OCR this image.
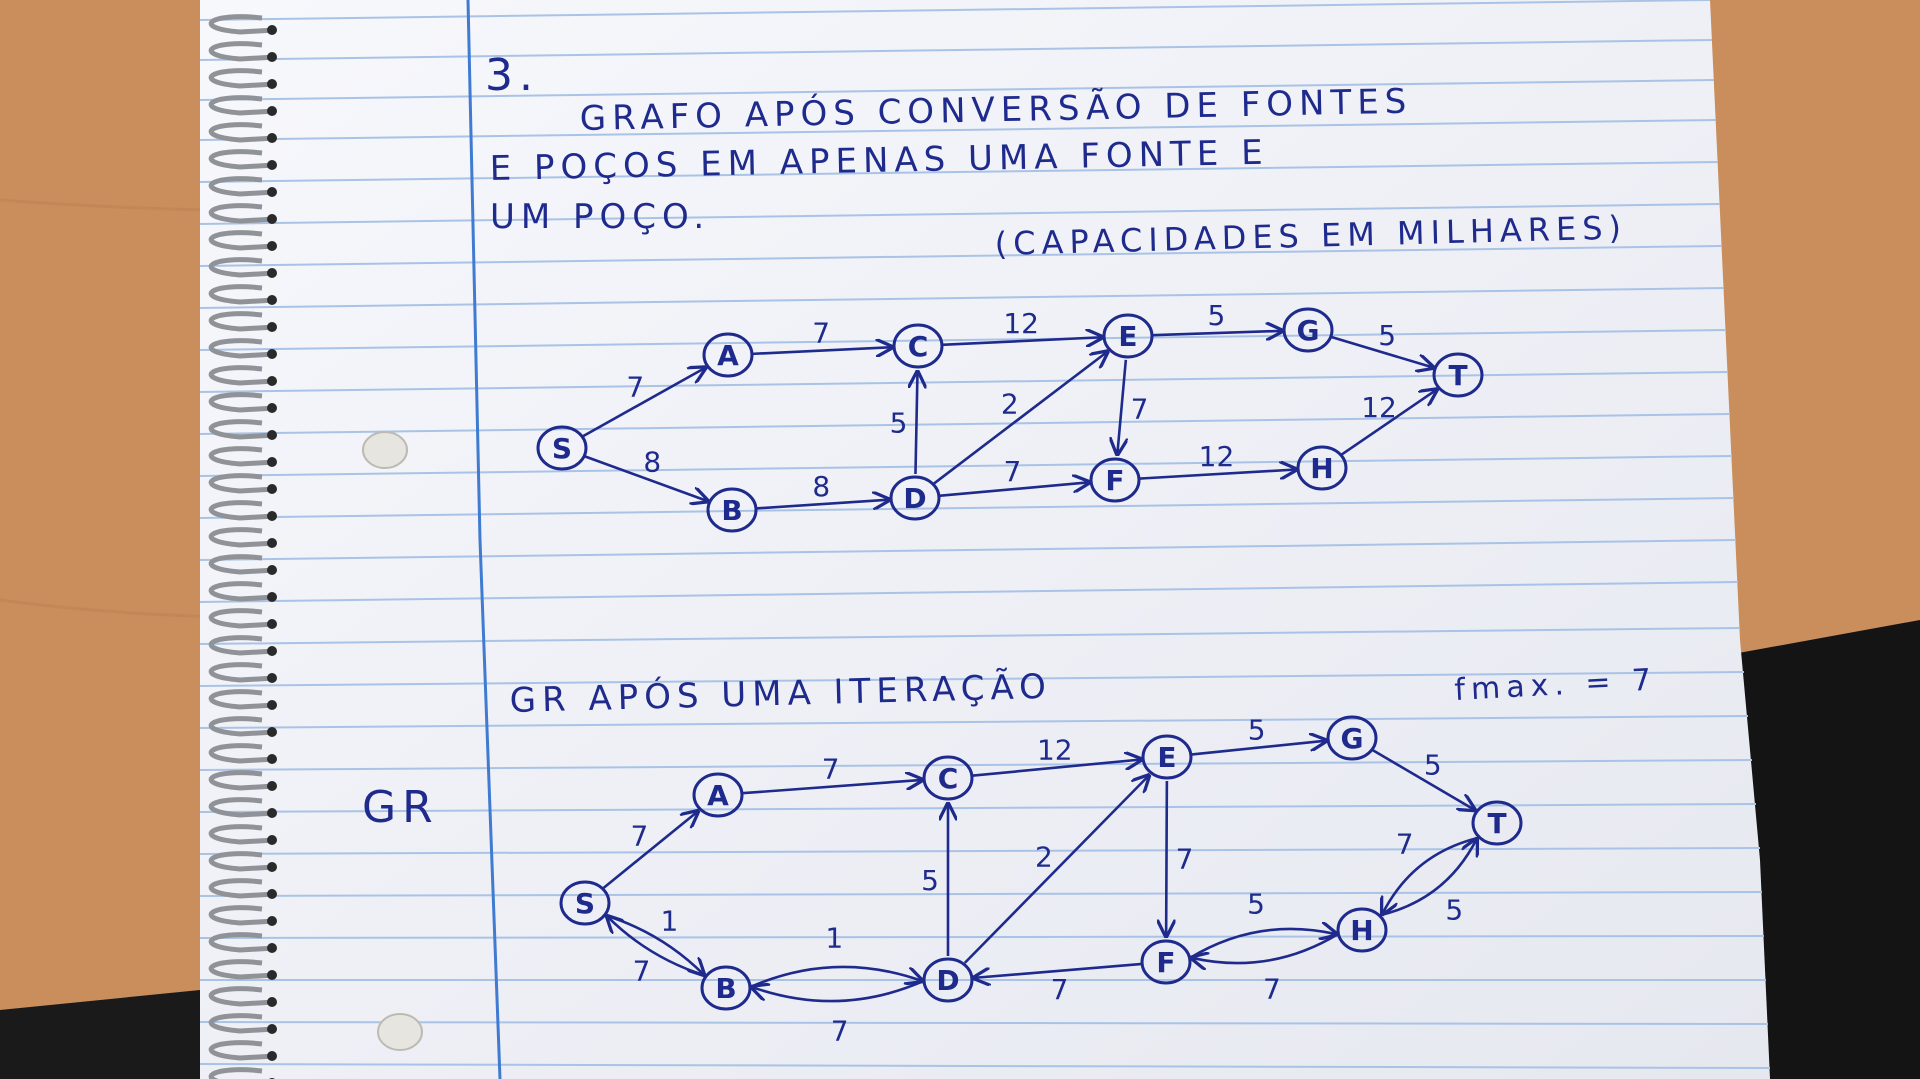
3.
GRAFO APÓS CONVERSÃO DE FONTES
E POÇOS EM APENAS UMA FONTE E
UM POÇO.	(CAPACIDADES EM MILHARES)
7
8
7
8
5
12
2	7
7
5
5
12
12
S
A
B
C
D
E
F
G
H
T
GR APÓS UMA ITERAÇÃO	fmax. = 7
GR
7
1
7
7
1
7
5
12
2	7
7
5
5
5
7
5
7
S
A
B
C
D
E
F
G
H
T
